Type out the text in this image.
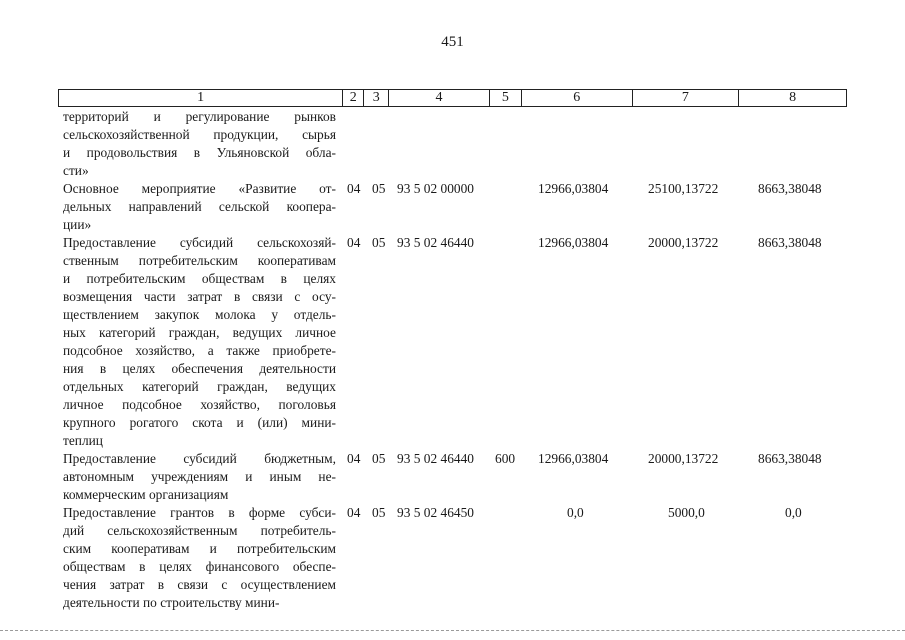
451
1	2	3	4	5	6	7	8
территорий и регулирование рынков
сельскохозяйственной продукции, сырья
и продовольствия в Ульяновской обла-
сти»
Основное мероприятие «Развитие от-
дельных направлений сельской коопера-
ции»
04 05 93 5 02 00000	12966,03804	25100,13722	8663,38048
Предоставление субсидий сельскохозяй-
ственным потребительским кооперативам
и потребительским обществам в целях
возмещения части затрат в связи с осу-
ществлением закупок молока у отдель-
ных категорий граждан, ведущих личное
подсобное хозяйство, а также приобрете-
ния в целях обеспечения деятельности
отдельных категорий граждан, ведущих
личное подсобное хозяйство, поголовья
крупного рогатого скота и (или) мини-
теплиц
04 05 93 5 02 46440	12966,03804	20000,13722	8663,38048
Предоставление субсидий бюджетным,
автономным учреждениям и иным не-
коммерческим организациям
04 05 93 5 02 46440 600 12966,03804	20000,13722	8663,38048
Предоставление грантов в форме субси-
дий сельскохозяйственным потребитель-
ским кооперативам и потребительским
обществам в целях финансового обеспе-
чения затрат в связи с осуществлением
деятельности по строительству мини-
04 05 93 5 02 46450	0,0	5000,0	0,0
